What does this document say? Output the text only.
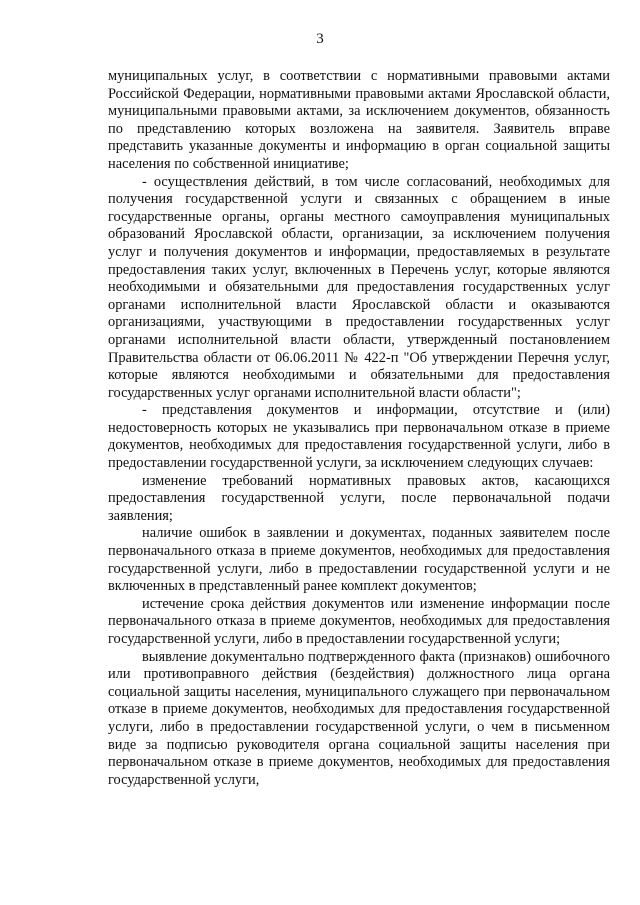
3

муниципальных услуг, в соответствии с нормативными правовыми актами Российской Федерации, нормативными правовыми актами Ярославской области, муниципальными правовыми актами, за исключением документов, обязанность по представлению которых возложена на заявителя. Заявитель вправе представить указанные документы и информацию в орган социальной защиты населения по собственной инициативе;

- осуществления действий, в том числе согласований, необходимых для получения государственной услуги и связанных с обращением в иные государственные органы, органы местного самоуправления муниципальных образований Ярославской области, организации, за исключением получения услуг и получения документов и информации, предоставляемых в результате предоставления таких услуг, включенных в Перечень услуг, которые являются необходимыми и обязательными для предоставления государственных услуг органами исполнительной власти Ярославской области и оказываются организациями, участвующими в предоставлении государственных услуг органами исполнительной власти области, утвержденный постановлением Правительства области от 06.06.2011 № 422-п "Об утверждении Перечня услуг, которые являются необходимыми и обязательными для предоставления государственных услуг органами исполнительной власти области";

- представления документов и информации, отсутствие и (или) недостоверность которых не указывались при первоначальном отказе в приеме документов, необходимых для предоставления государственной услуги, либо в предоставлении государственной услуги, за исключением следующих случаев:

изменение требований нормативных правовых актов, касающихся предоставления государственной услуги, после первоначальной подачи заявления;

наличие ошибок в заявлении и документах, поданных заявителем после первоначального отказа в приеме документов, необходимых для предоставления государственной услуги, либо в предоставлении государственной услуги и не включенных в представленный ранее комплект документов;

истечение срока действия документов или изменение информации после первоначального отказа в приеме документов, необходимых для предоставления государственной услуги, либо в предоставлении государственной услуги;

выявление документально подтвержденного факта (признаков) ошибочного или противоправного действия (бездействия) должностного лица органа социальной защиты населения, муниципального служащего при первоначальном отказе в приеме документов, необходимых для предоставления государственной услуги, либо в предоставлении государственной услуги, о чем в письменном виде за подписью руководителя органа социальной защиты населения при первоначальном отказе в приеме документов, необходимых для предоставления государственной услуги,
